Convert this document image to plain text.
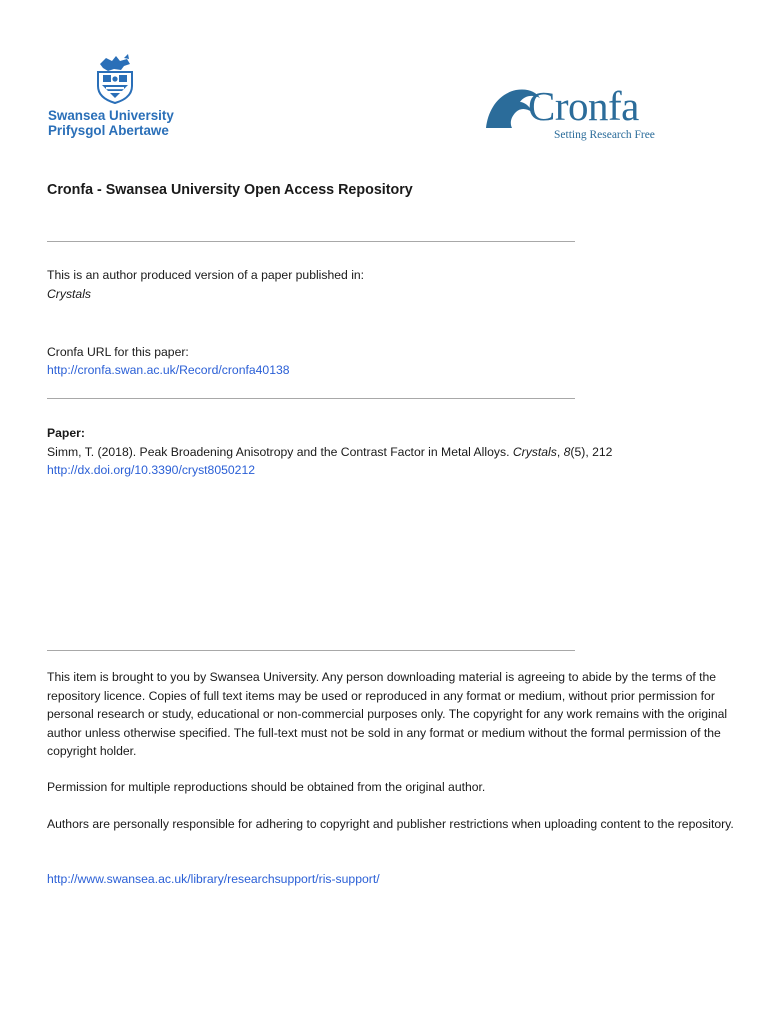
Swansea University
Prifysgol Abertawe
Cronfa
Setting Research Free
Cronfa - Swansea University Open Access Repository
This is an author produced version of a paper published in:
Crystals
Cronfa URL for this paper:
http://cronfa.swan.ac.uk/Record/cronfa40138
Paper:
Simm, T. (2018). Peak Broadening Anisotropy and the Contrast Factor in Metal Alloys. Crystals, 8(5), 212
http://dx.doi.org/10.3390/cryst8050212
This item is brought to you by Swansea University. Any person downloading material is agreeing to abide by the terms of the repository licence. Copies of full text items may be used or reproduced in any format or medium, without prior permission for personal research or study, educational or non-commercial purposes only. The copyright for any work remains with the original author unless otherwise specified. The full-text must not be sold in any format or medium without the formal permission of the copyright holder.
Permission for multiple reproductions should be obtained from the original author.
Authors are personally responsible for adhering to copyright and publisher restrictions when uploading content to the repository.
http://www.swansea.ac.uk/library/researchsupport/ris-support/
